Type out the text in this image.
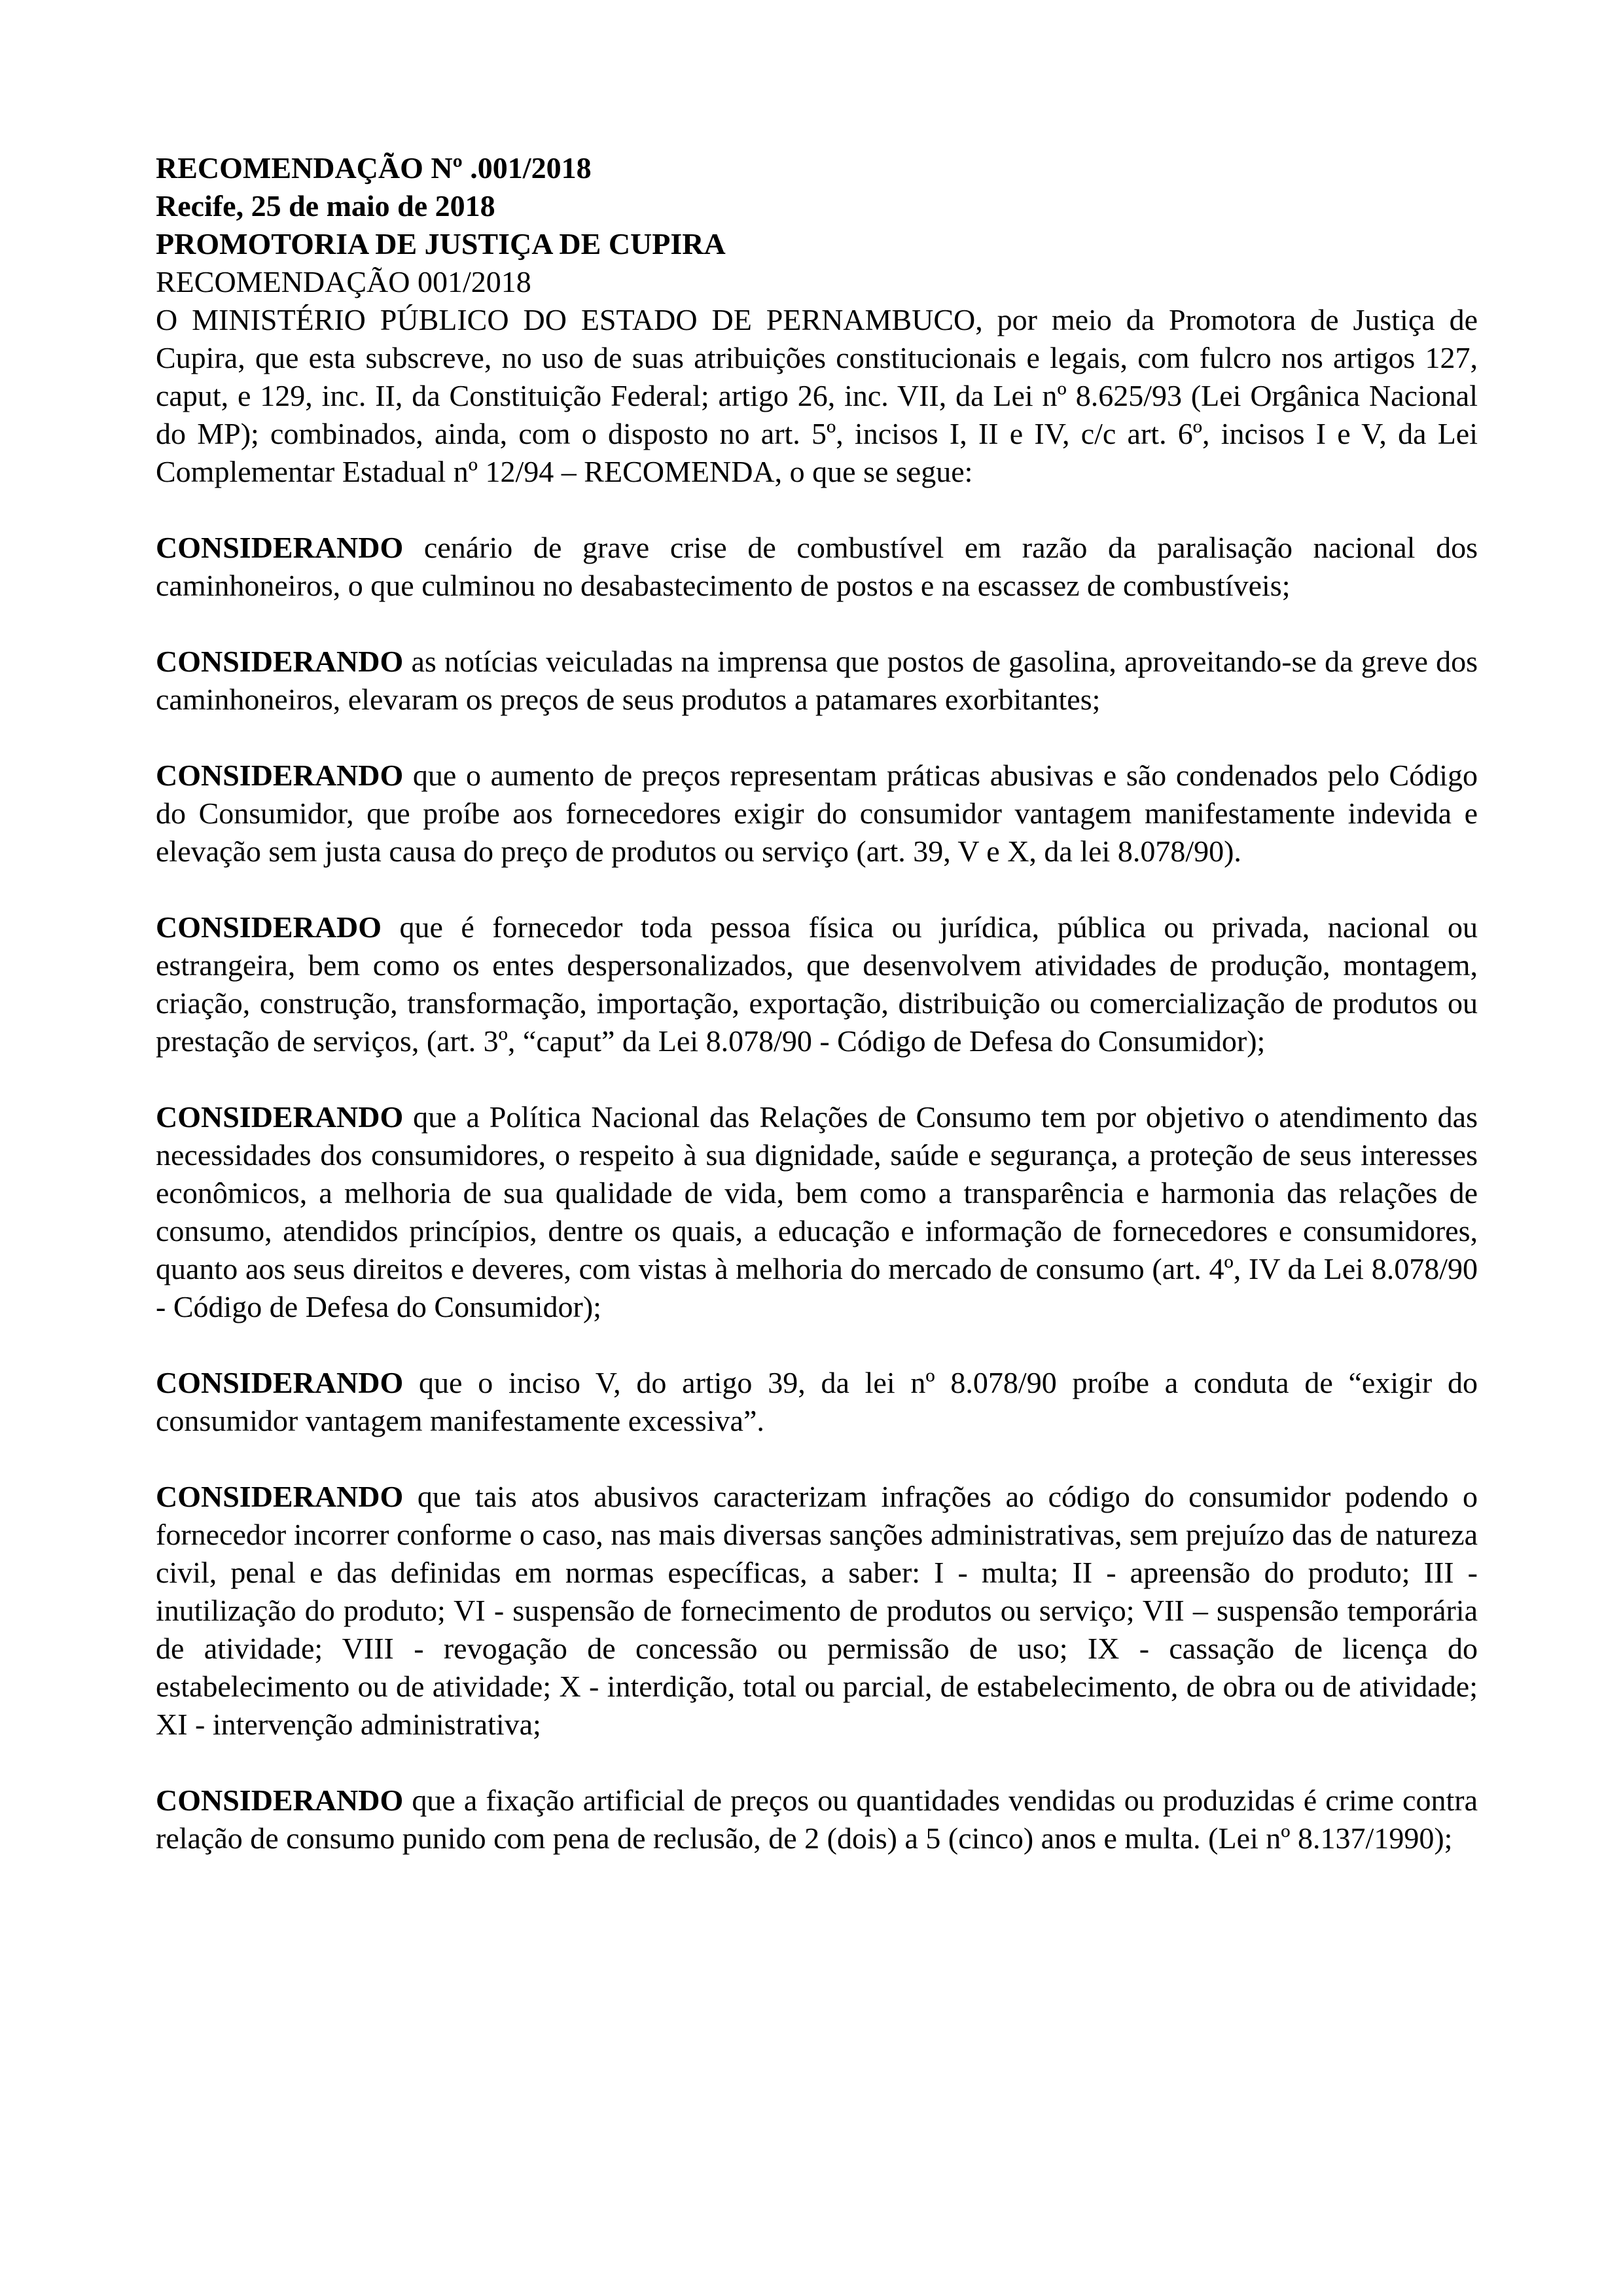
RECOMENDAÇÃO Nº .001/2018

Recife, 25 de maio de 2018

PROMOTORIA DE JUSTIÇA DE CUPIRA

RECOMENDAÇÃO 001/2018

O MINISTÉRIO PÚBLICO DO ESTADO DE PERNAMBUCO, por meio da Promotora de Justiça de Cupira, que esta subscreve, no uso de suas atribuições constitucionais e legais, com fulcro nos artigos 127, caput, e 129, inc. II, da Constituição Federal; artigo 26, inc. VII, da Lei nº 8.625/93 (Lei Orgânica Nacional do MP); combinados, ainda, com o disposto no art. 5º, incisos I, II e IV, c/c art. 6º, incisos I e V, da Lei Complementar Estadual nº 12/94 – RECOMENDA, o que se segue:

CONSIDERANDO cenário de grave crise de combustível em razão da paralisação nacional dos caminhoneiros, o que culminou no desabastecimento de postos e na escassez de combustíveis;

CONSIDERANDO as notícias veiculadas na imprensa que postos de gasolina, aproveitando-se da greve dos caminhoneiros, elevaram os preços de seus produtos a patamares exorbitantes;

CONSIDERANDO que o aumento de preços representam práticas abusivas e são condenados pelo Código do Consumidor, que proíbe aos fornecedores exigir do consumidor vantagem manifestamente indevida e elevação sem justa causa do preço de produtos ou serviço (art. 39, V e X, da lei 8.078/90).

CONSIDERADO que é fornecedor toda pessoa física ou jurídica, pública ou privada, nacional ou estrangeira, bem como os entes despersonalizados, que desenvolvem atividades de produção, montagem, criação, construção, transformação, importação, exportação, distribuição ou comercialização de produtos ou prestação de serviços, (art. 3º, “caput” da Lei 8.078/90 - Código de Defesa do Consumidor);

CONSIDERANDO que a Política Nacional das Relações de Consumo tem por objetivo o atendimento das necessidades dos consumidores, o respeito à sua dignidade, saúde e segurança, a proteção de seus interesses econômicos, a melhoria de sua qualidade de vida, bem como a transparência e harmonia das relações de consumo, atendidos princípios, dentre os quais, a educação e informação de fornecedores e consumidores, quanto aos seus direitos e deveres, com vistas à melhoria do mercado de consumo (art. 4º, IV da Lei 8.078/90 - Código de Defesa do Consumidor);

CONSIDERANDO que o inciso V, do artigo 39, da lei nº 8.078/90 proíbe a conduta de “exigir do consumidor vantagem manifestamente excessiva”.

CONSIDERANDO que tais atos abusivos caracterizam infrações ao código do consumidor podendo o fornecedor incorrer conforme o caso, nas mais diversas sanções administrativas, sem prejuízo das de natureza civil, penal e das definidas em normas específicas, a saber: I - multa; II - apreensão do produto; III - inutilização do produto; VI - suspensão de fornecimento de produtos ou serviço; VII – suspensão temporária de atividade; VIII - revogação de concessão ou permissão de uso; IX - cassação de licença do estabelecimento ou de atividade; X - interdição, total ou parcial, de estabelecimento, de obra ou de atividade; XI - intervenção administrativa;

CONSIDERANDO que a fixação artificial de preços ou quantidades vendidas ou produzidas é crime contra relação de consumo punido com pena de reclusão, de 2 (dois) a 5 (cinco) anos e multa. (Lei nº 8.137/1990);
